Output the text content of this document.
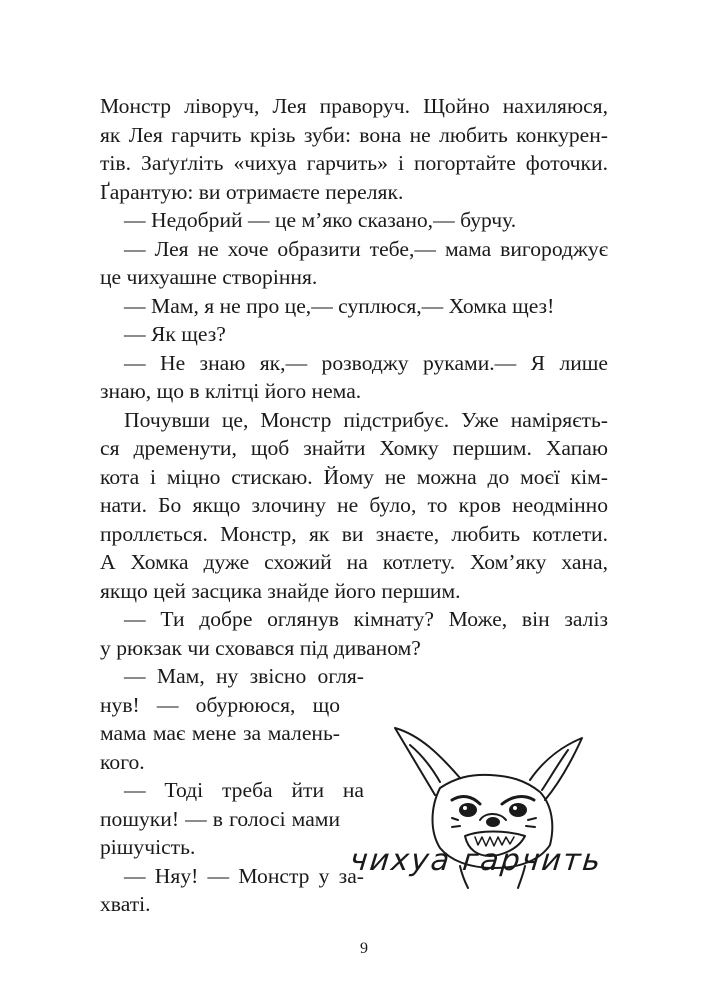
Монстр ліворуч, Лея праворуч. Щойно нахиляюся,
як Лея гарчить крізь зуби: вона не любить конкурен-
тів. Заґуґліть «чихуа гарчить» і погортайте фоточки.
Ґарантую: ви отримаєте переляк.
— Недобрий — це м’яко сказано,— бурчу.
— Лея не хоче образити тебе,— мама вигороджує
це чихуашне створіння.
— Мам, я не про це,— суплюся,— Хомка щез!
— Як щез?
— Не знаю як,— розводжу руками.— Я лише
знаю, що в клітці його нема.
Почувши це, Монстр підстрибує. Уже наміряєть-
ся дременути, щоб знайти Хомку першим. Хапаю
кота і міцно стискаю. Йому не можна до моєї кім-
нати. Бо якщо злочину не було, то кров неодмінно
проллється. Монстр, як ви знаєте, любить котлети.
А Хомка дуже схожий на котлету. Хом’яку хана,
якщо цей засцика знайде його першим.
— Ти добре оглянув кімнату? Може, він заліз
у рюкзак чи сховався під диваном?
— Мам, ну звісно огля-
нув! — обурююся, що
мама має мене за малень-
кого.
— Тоді треба йти на
пошуки! — в голосі мами
рішучість.
— Няу! — Монстр у за-
хваті.
чихуа гарчить
9
